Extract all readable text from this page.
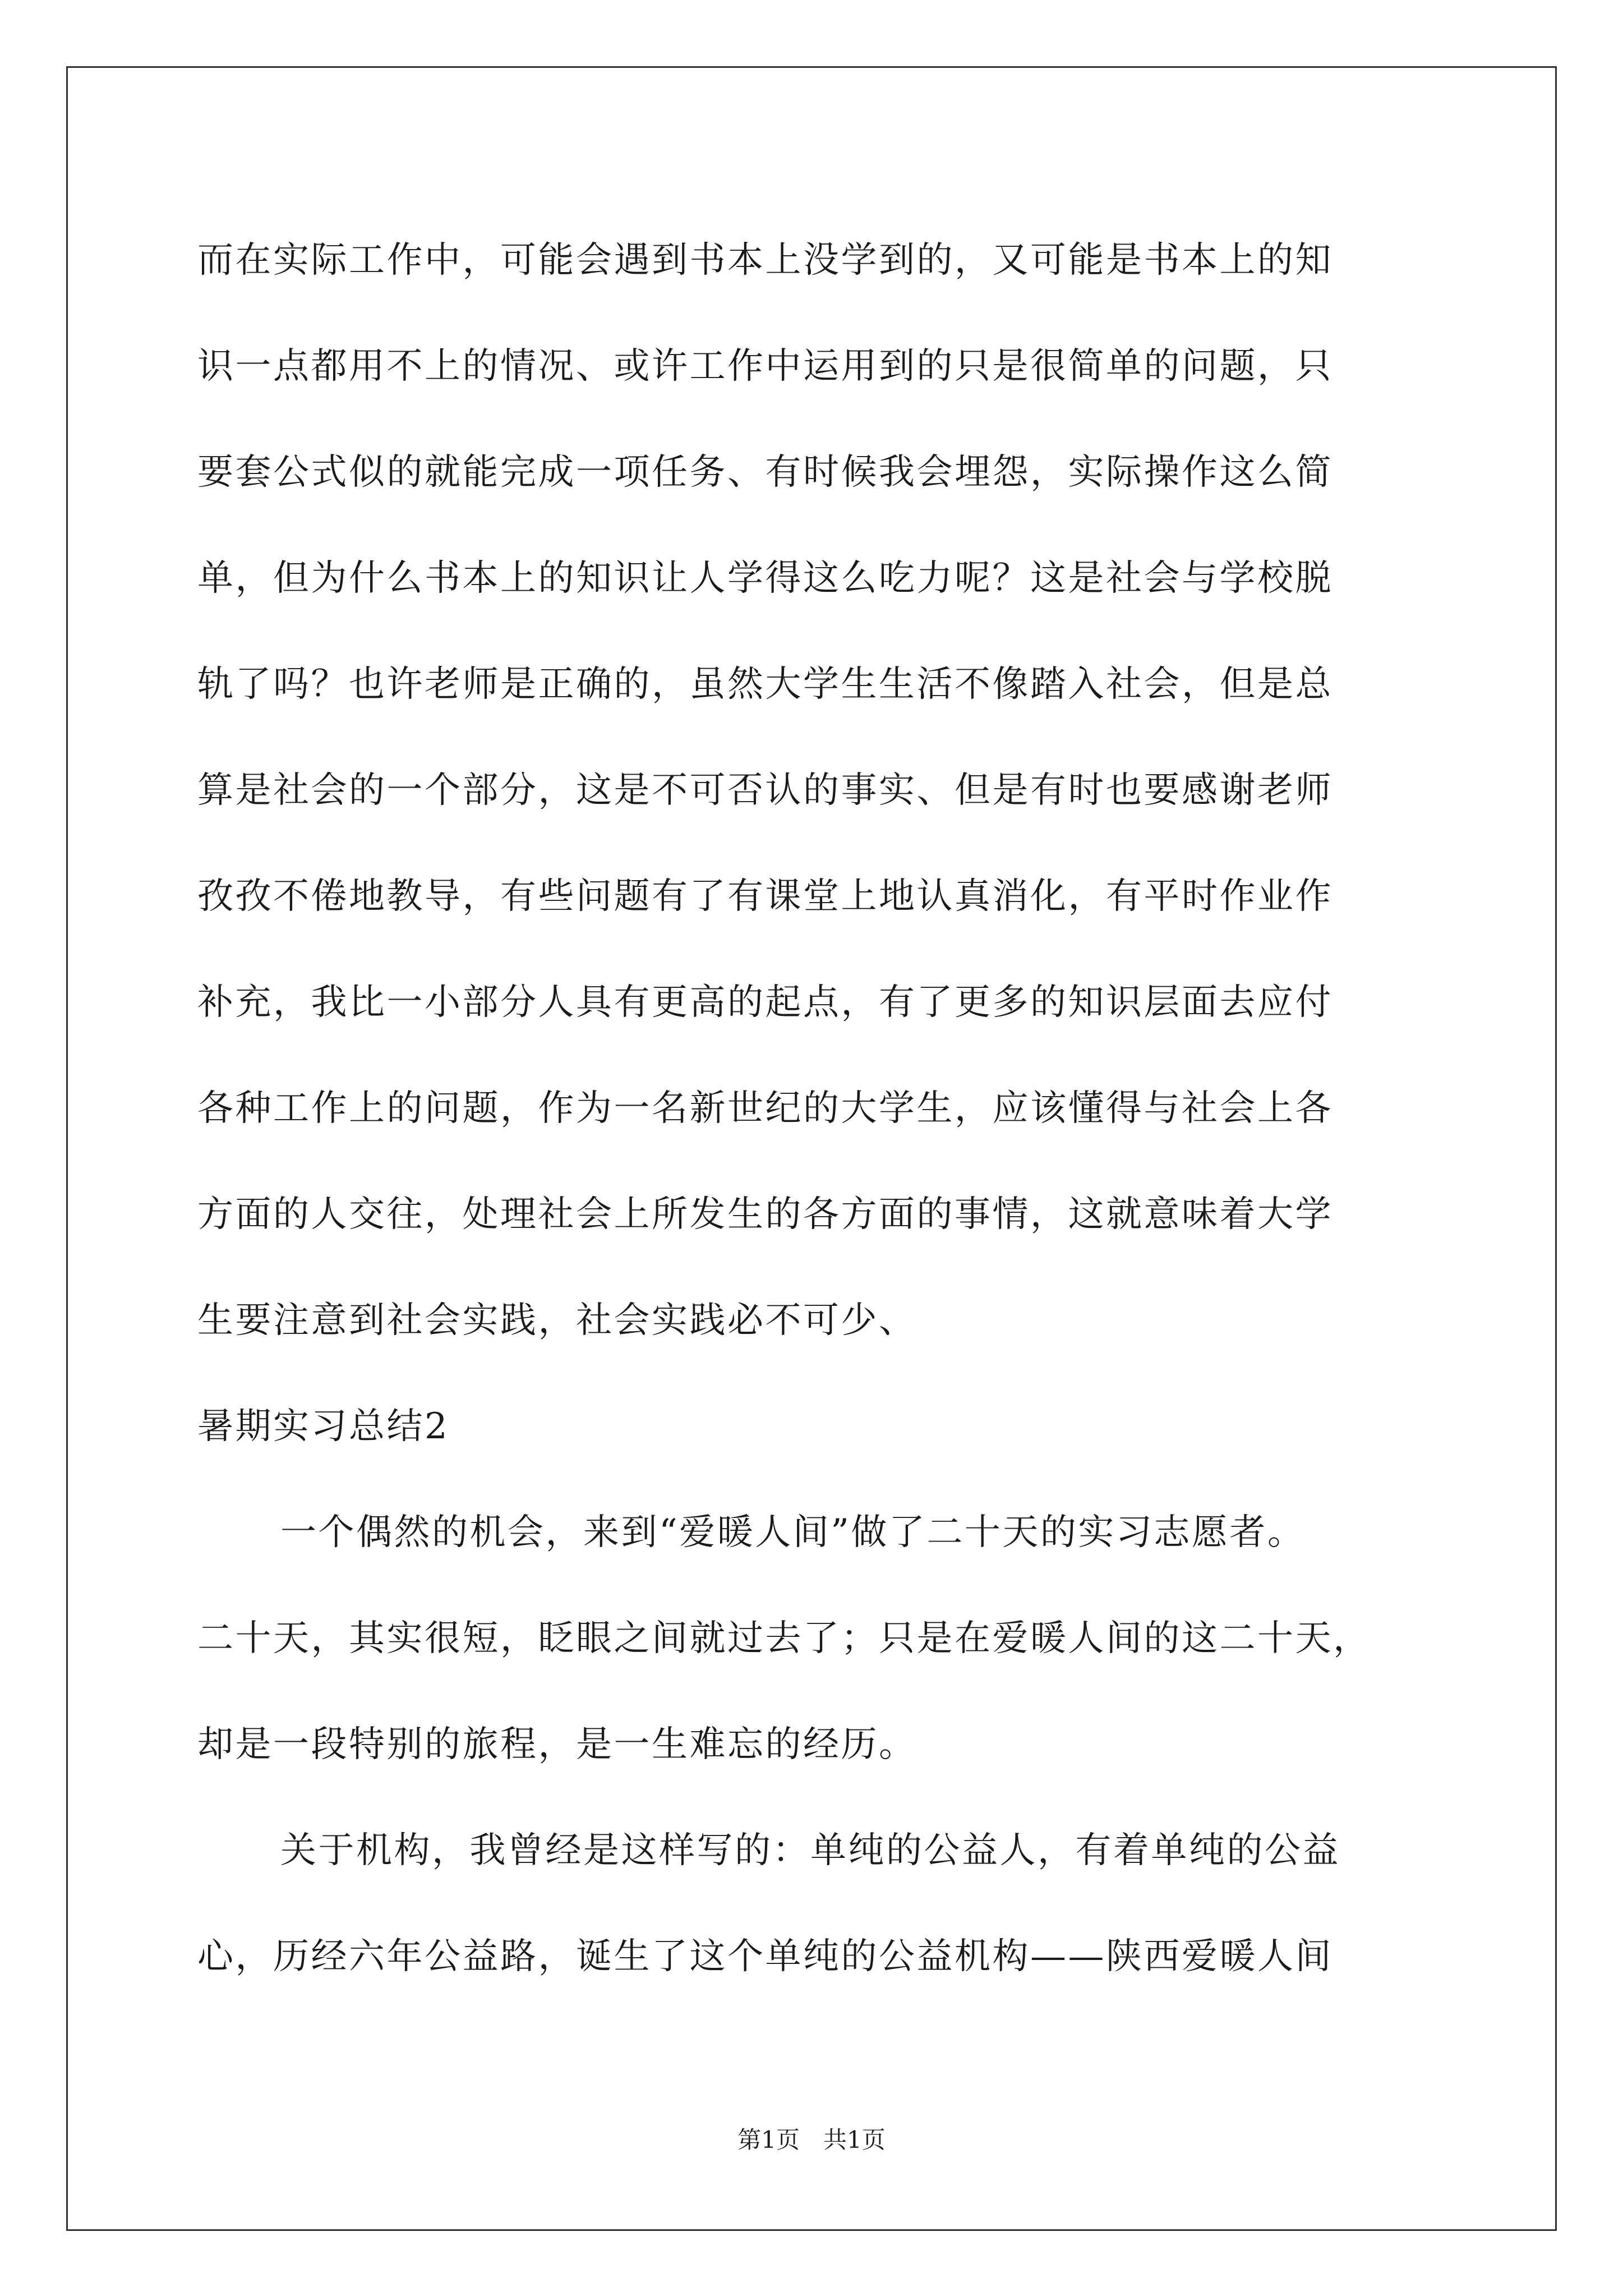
而在实际工作中，可能会遇到书本上没学到的，又可能是书本上的知
识一点都用不上的情况、或许工作中运用到的只是很简单的问题，只
要套公式似的就能完成一项任务、有时候我会埋怨，实际操作这么简
单，但为什么书本上的知识让人学得这么吃力呢？这是社会与学校脱
轨了吗？也许老师是正确的，虽然大学生生活不像踏入社会，但是总
算是社会的一个部分，这是不可否认的事实、但是有时也要感谢老师
孜孜不倦地教导，有些问题有了有课堂上地认真消化，有平时作业作
补充，我比一小部分人具有更高的起点，有了更多的知识层面去应付
各种工作上的问题，作为一名新世纪的大学生，应该懂得与社会上各
方面的人交往，处理社会上所发生的各方面的事情，这就意味着大学
生要注意到社会实践，社会实践必不可少、
暑期实习总结2
一个偶然的机会，来到“爱暖人间”做了二十天的实习志愿者。
二十天，其实很短，眨眼之间就过去了；只是在爱暖人间的这二十天，
却是一段特别的旅程，是一生难忘的经历。
关于机构，我曾经是这样写的：单纯的公益人，有着单纯的公益
心，历经六年公益路，诞生了这个单纯的公益机构——陕西爱暖人间
第1页　共1页
